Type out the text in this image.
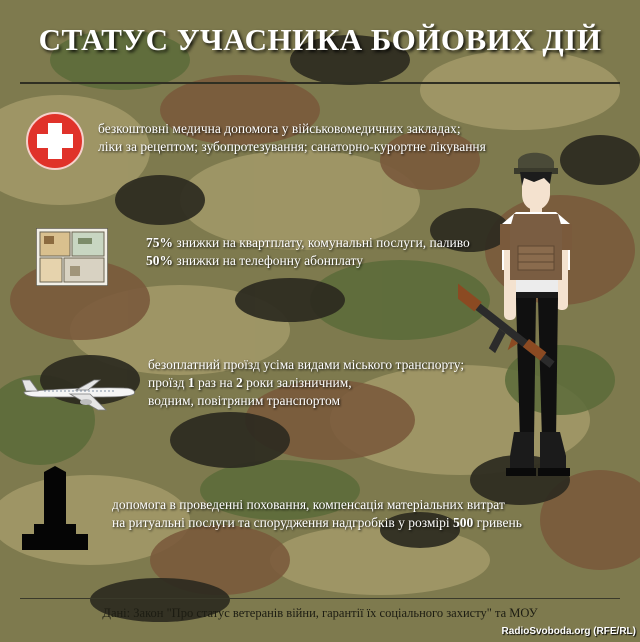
СТАТУС УЧАСНИКА БОЙОВИХ ДІЙ
безкоштовні медична допомога у військовомедичних закладах;
ліки за рецептом; зубопротезування; санаторно-курортне лікування
75% знижки на квартплату, комунальні послуги, паливо
50% знижки на телефонну абонплату
безоплатний проїзд усіма видами міського транспорту;
проїзд 1 раз на 2 роки залізничним,
водним, повітряним транспортом
допомога в проведенні поховання, компенсація матеріальних витрат
на ритуальні послуги та спорудження надгробків у розмірі 500 гривень
Дані: Закон "Про статус ветеранів війни, гарантії їх соціального захисту" та МОУ
RadioSvoboda.org (RFE/RL)
